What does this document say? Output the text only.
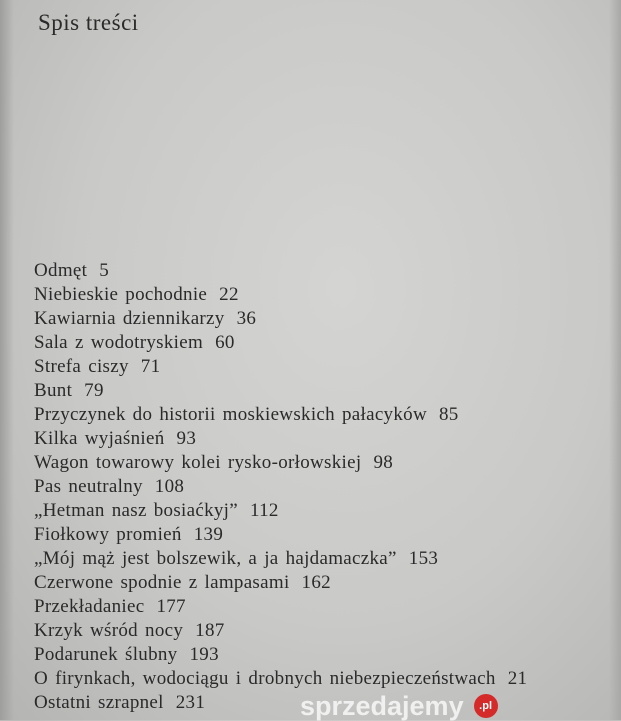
Spis treści
Odmęt 5
Niebieskie pochodnie 22
Kawiarnia dziennikarzy 36
Sala z wodotryskiem 60
Strefa ciszy 71
Bunt 79
Przyczynek do historii moskiewskich pałacyków 85
Kilka wyjaśnień 93
Wagon towarowy kolei rysko-orłowskiej 98
Pas neutralny 108
„Hetman nasz bosiaćkyj” 112
Fiołkowy promień 139
„Mój mąż jest bolszewik, a ja hajdamaczka” 153
Czerwone spodnie z lampasami 162
Przekładaniec 177
Krzyk wśród nocy 187
Podarunek ślubny 193
O firynkach, wodociągu i drobnych niebezpieczeństwach 21
Ostatni szrapnel 231	sprzedajemy	.pl
